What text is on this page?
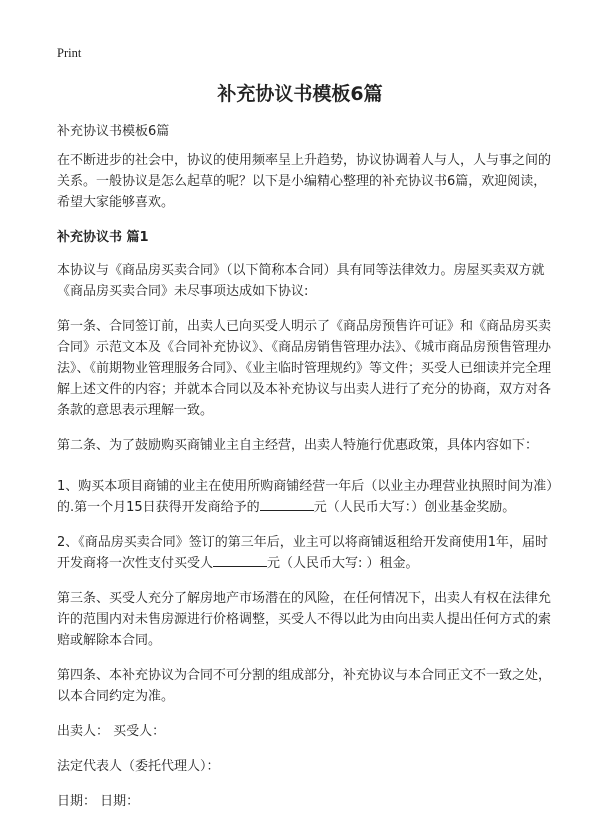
Print
补充协议书模板6篇

补充协议书模板6篇

在不断进步的社会中，协议的使用频率呈上升趋势，协议协调着人与人，人与事之间的关系。一般协议是怎么起草的呢？以下是小编精心整理的补充协议书6篇，欢迎阅读，希望大家能够喜欢。

补充协议书 篇1

本协议与《商品房买卖合同》（以下简称本合同）具有同等法律效力。房屋买卖双方就《商品房买卖合同》未尽事项达成如下协议:

第一条、合同签订前，出卖人已向买受人明示了《商品房预售许可证》和《商品房买卖合同》示范文本及《合同补充协议》、《商品房销售管理办法》、《城市商品房预售管理办法》、《前期物业管理服务合同》、《业主临时管理规约》等文件；买受人已细读并完全理解上述文件的内容；并就本合同以及本补充协议与出卖人进行了充分的协商，双方对各条款的意思表示理解一致。

第二条、为了鼓励购买商铺业主自主经营，出卖人特施行优惠政策，具体内容如下：

1、购买本项目商铺的业主在使用所购商铺经营一年后（以业主办理营业执照时间为准）的.第一个月15日获得开发商给予的	元（人民币大写：）创业基金奖励。

2、《商品房买卖合同》签订的第三年后，业主可以将商铺返租给开发商使用1年，届时开发商将一次性支付买受人	元（人民币大写: ）租金。

第三条、买受人充分了解房地产市场潜在的风险，在任何情况下，出卖人有权在法律允许的范围内对未售房源进行价格调整，买受人不得以此为由向出卖人提出任何方式的索赔或解除本合同。

第四条、本补充协议为合同不可分割的组成部分，补充协议与本合同正文不一致之处，以本合同约定为准。

出卖人： 买受人：

法定代表人（委托代理人）：

日期： 日期：
